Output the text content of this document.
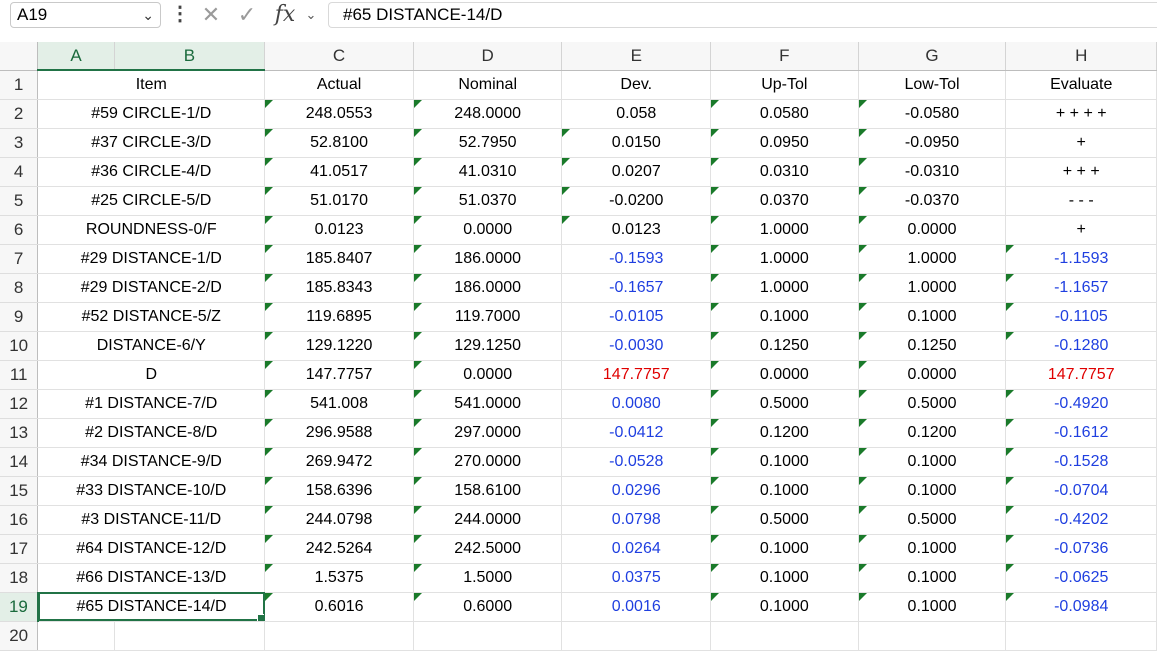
A19	⌄ ⋮ ✕ ✓ fx ⌄	#65 DISTANCE-14/D
	A	B	C	D	E	F	G	H
1	Item		Actual	Nominal	Dev.	Up-Tol	Low-Tol	Evaluate
2	#59 CIRCLE-1/D		248.0553	248.0000	0.058	0.0580	-0.0580	+ + + +
3	#37 CIRCLE-3/D		52.8100	52.7950	0.0150	0.0950	-0.0950	+
4	#36 CIRCLE-4/D		41.0517	41.0310	0.0207	0.0310	-0.0310	+ + +
5	#25 CIRCLE-5/D		51.0170	51.0370	-0.0200	0.0370	-0.0370	- - -
6	ROUNDNESS-0/F		0.0123	0.0000	0.0123	1.0000	0.0000	+
7	#29 DISTANCE-1/D		185.8407	186.0000	-0.1593	1.0000	1.0000	-1.1593
8	#29 DISTANCE-2/D		185.8343	186.0000	-0.1657	1.0000	1.0000	-1.1657
9	#52 DISTANCE-5/Z		119.6895	119.7000	-0.0105	0.1000	0.1000	-0.1105
10	DISTANCE-6/Y		129.1220	129.1250	-0.0030	0.1250	0.1250	-0.1280
11	D		147.7757	0.0000	147.7757	0.0000	0.0000	147.7757
12	#1 DISTANCE-7/D		541.008	541.0000	0.0080	0.5000	0.5000	-0.4920
13	#2 DISTANCE-8/D		296.9588	297.0000	-0.0412	0.1200	0.1200	-0.1612
14	#34 DISTANCE-9/D		269.9472	270.0000	-0.0528	0.1000	0.1000	-0.1528
15	#33 DISTANCE-10/D		158.6396	158.6100	0.0296	0.1000	0.1000	-0.0704
16	#3 DISTANCE-11/D		244.0798	244.0000	0.0798	0.5000	0.5000	-0.4202
17	#64 DISTANCE-12/D		242.5264	242.5000	0.0264	0.1000	0.1000	-0.0736
18	#66 DISTANCE-13/D		1.5375	1.5000	0.0375	0.1000	0.1000	-0.0625
19	#65 DISTANCE-14/D		0.6016	0.6000	0.0016	0.1000	0.1000	-0.0984
20								
